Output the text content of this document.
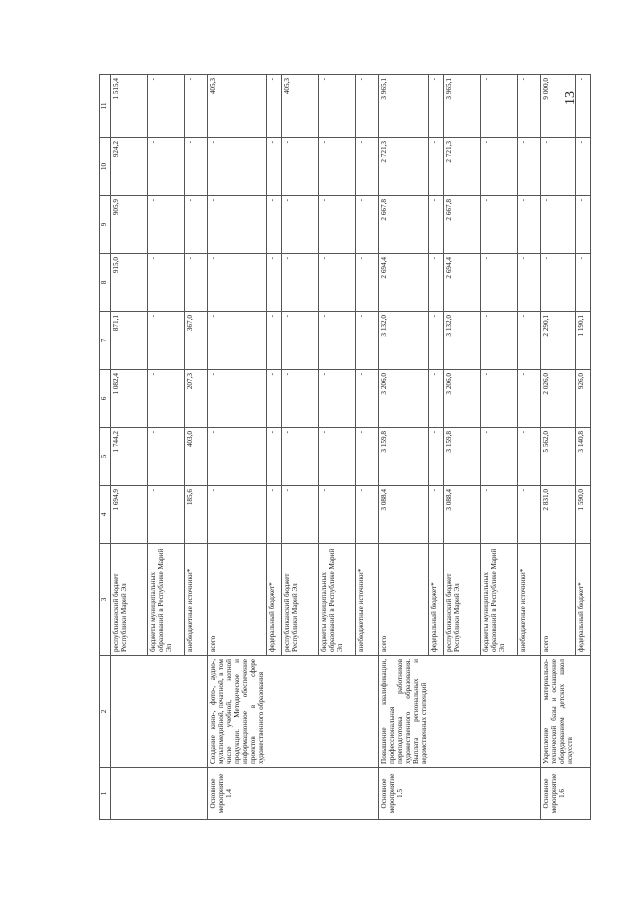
13
1	2	3	4	5	6	7	8	9	10	11
		республиканский бюджет Республики Марий Эл	1 694,9	1 744,2	1 082,4	871,1	915,0	905,9	924,2	1 515,4
		бюджеты муниципальных образований в Республике Марий Эл	-	-	-	-	-	-	-	-
		внебюджетные источники*	185,6	403,0	207,3	367,0	-	-	-	-
Основное мероприятие 1.4	Создание кино-, фото-, аудио-, мультимедийной, печатной, в том числе учебной, нотной продукции. Методическое и информационное обеспечение проектов в сфере художественного образования	всего	-	-	-	-	-	-	-	405,3
		федеральный бюджет*	-	-	-	-	-	-	-	-
		республиканский бюджет Республики Марий Эл	-	-	-	-	-	-	-	405,3
		бюджеты муниципальных образований в Республике Марий Эл	-	-	-	-	-	-	-	-
		внебюджетные источники*	-	-	-	-	-	-	-	-
Основное мероприятие 1.5	Повышение квалификации, профессиональная переподготовка работников художественного образования. Выплата региональных и ведомственных стипендий	всего	3 088,4	3 159,8	3 206,0	3 132,0	2 694,4	2 667,8	2 721,3	3 965,1
		федеральный бюджет*	-	-	-	-	-	-	-	-
		республиканский бюджет Республики Марий Эл	3 088,4	3 159,8	3 206,0	3 132,0	2 694,4	2 667,8	2 721,3	3 965,1
		бюджеты муниципальных образований в Республике Марий Эл	-	-	-	-	-	-	-	-
		внебюджетные источники*	-	-	-	-	-	-	-	-
Основное мероприятие 1.6	Укрепление материально-технической базы и оснащение оборудованием детских школ искусств	всего	2 831,0	5 562,0	2 026,0	2 290,1	-	-	-	9 000,0
		федеральный бюджет*	1 590,0	3 140,8	926,0	1 190,1	-	-	-	-
